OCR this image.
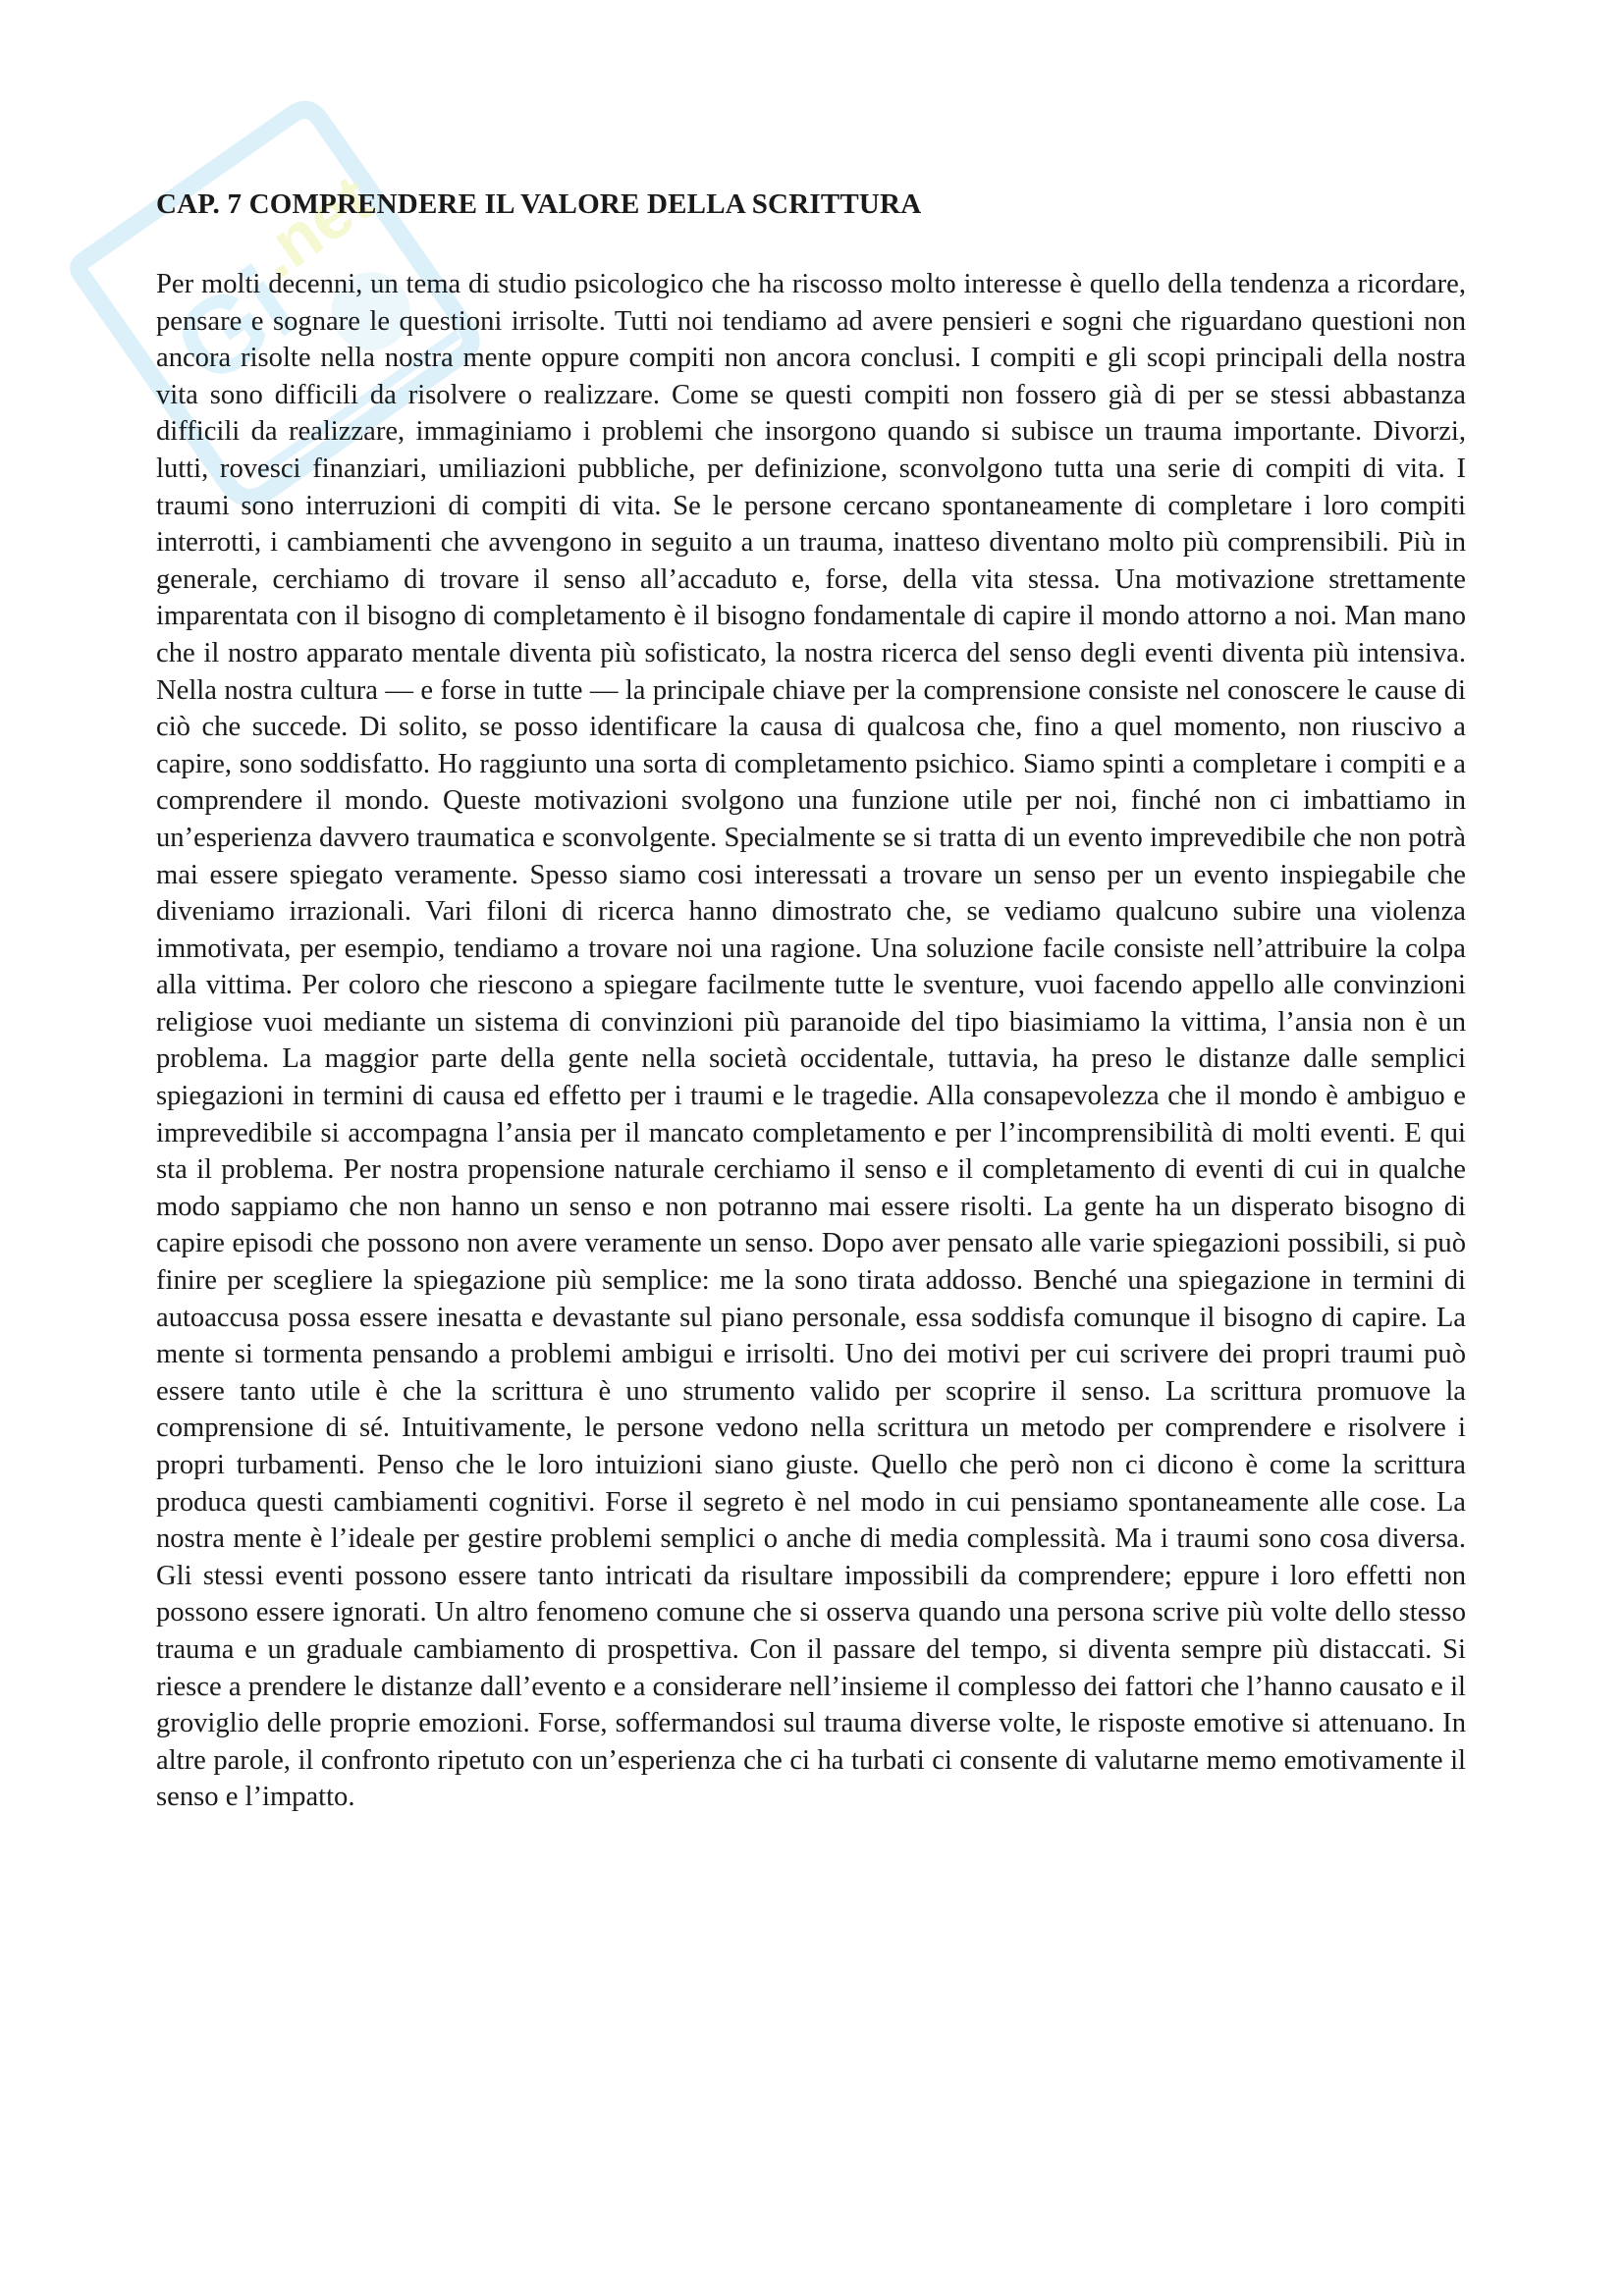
Gi
.net
CAP. 7 COMPRENDERE IL VALORE DELLA SCRITTURA

Per molti decenni, un tema di studio psicologico che ha riscosso molto interesse è quello della tendenza a ricordare, pensare e sognare le questioni irrisolte. Tutti noi tendiamo ad avere pensieri e sogni che riguardano questioni non ancora risolte nella nostra mente oppure compiti non ancora conclusi. I compiti e gli scopi principali della nostra vita sono difficili da risolvere o realizzare. Come se questi compiti non fossero già di per se stessi abbastanza difficili da realizzare, immaginiamo i problemi che insorgono quando si subisce un trauma importante. Divorzi, lutti, rovesci finanziari, umiliazioni pubbliche, per definizione, sconvolgono tutta una serie di compiti di vita. I traumi sono interruzioni di compiti di vita. Se le persone cercano spontaneamente di completare i loro compiti interrotti, i cambiamenti che avvengono in seguito a un trauma, inatteso diventano molto più comprensibili. Più in generale, cerchiamo di trovare il senso all’accaduto e, forse, della vita stessa. Una motivazione strettamente imparentata con il bisogno di completamento è il bisogno fondamentale di capire il mondo attorno a noi. Man mano che il nostro apparato mentale diventa più sofisticato, la nostra ricerca del senso degli eventi diventa più intensiva. Nella nostra cultura — e forse in tutte — la principale chiave per la comprensione consiste nel conoscere le cause di ciò che succede. Di solito, se posso identificare la causa di qualcosa che, fino a quel momento, non riuscivo a capire, sono soddisfatto. Ho raggiunto una sorta di completamento psichico. Siamo spinti a completare i compiti e a comprendere il mondo. Queste motivazioni svolgono una funzione utile per noi, finché non ci imbattiamo in un’esperienza davvero traumatica e sconvolgente. Specialmente se si tratta di un evento imprevedibile che non potrà mai essere spiegato veramente. Spesso siamo cosi interessati a trovare un senso per un evento inspiegabile che diveniamo irrazionali. Vari filoni di ricerca hanno dimostrato che, se vediamo qualcuno subire una violenza immotivata, per esempio, tendiamo a trovare noi una ragione. Una soluzione facile consiste nell’attribuire la colpa alla vittima. Per coloro che riescono a spiegare facilmente tutte le sventure, vuoi facendo appello alle convinzioni religiose vuoi mediante un sistema di convinzioni più paranoide del tipo biasimiamo la vittima, l’ansia non è un problema. La maggior parte della gente nella società occidentale, tuttavia, ha preso le distanze dalle semplici spiegazioni in termini di causa ed effetto per i traumi e le tragedie. Alla consapevolezza che il mondo è ambiguo e imprevedibile si accompagna l’ansia per il mancato completamento e per l’incomprensibilità di molti eventi. E qui sta il problema. Per nostra propensione naturale cerchiamo il senso e il completamento di eventi di cui in qualche modo sappiamo che non hanno un senso e non potranno mai essere risolti. La gente ha un disperato bisogno di capire episodi che possono non avere veramente un senso. Dopo aver pensato alle varie spiegazioni possibili, si può finire per scegliere la spiegazione più semplice: me la sono tirata addosso. Benché una spiegazione in termini di autoaccusa possa essere inesatta e devastante sul piano personale, essa soddisfa comunque il bisogno di capire. La mente si tormenta pensando a problemi ambigui e irrisolti. Uno dei motivi per cui scrivere dei propri traumi può essere tanto utile è che la scrittura è uno strumento valido per scoprire il senso. La scrittura promuove la comprensione di sé. Intuitivamente, le persone vedono nella scrittura un metodo per comprendere e risolvere i propri turbamenti. Penso che le loro intuizioni siano giuste. Quello che però non ci dicono è come la scrittura produca questi cambiamenti cognitivi. Forse il segreto è nel modo in cui pensiamo spontaneamente alle cose. La nostra mente è l’ideale per gestire problemi semplici o anche di media complessità. Ma i traumi sono cosa diversa. Gli stessi eventi possono essere tanto intricati da risultare impossibili da comprendere; eppure i loro effetti non possono essere ignorati. Un altro fenomeno comune che si osserva quando una persona scrive più volte dello stesso trauma e un graduale cambiamento di prospettiva. Con il passare del tempo, si diventa sempre più distaccati. Si riesce a prendere le distanze dall’evento e a considerare nell’insieme il complesso dei fattori che l’hanno causato e il groviglio delle proprie emozioni. Forse, soffermandosi sul trauma diverse volte, le risposte emotive si attenuano. In altre parole, il confronto ripetuto con un’esperienza che ci ha turbati ci consente di valutarne memo emotivamente il senso e l’impatto.
